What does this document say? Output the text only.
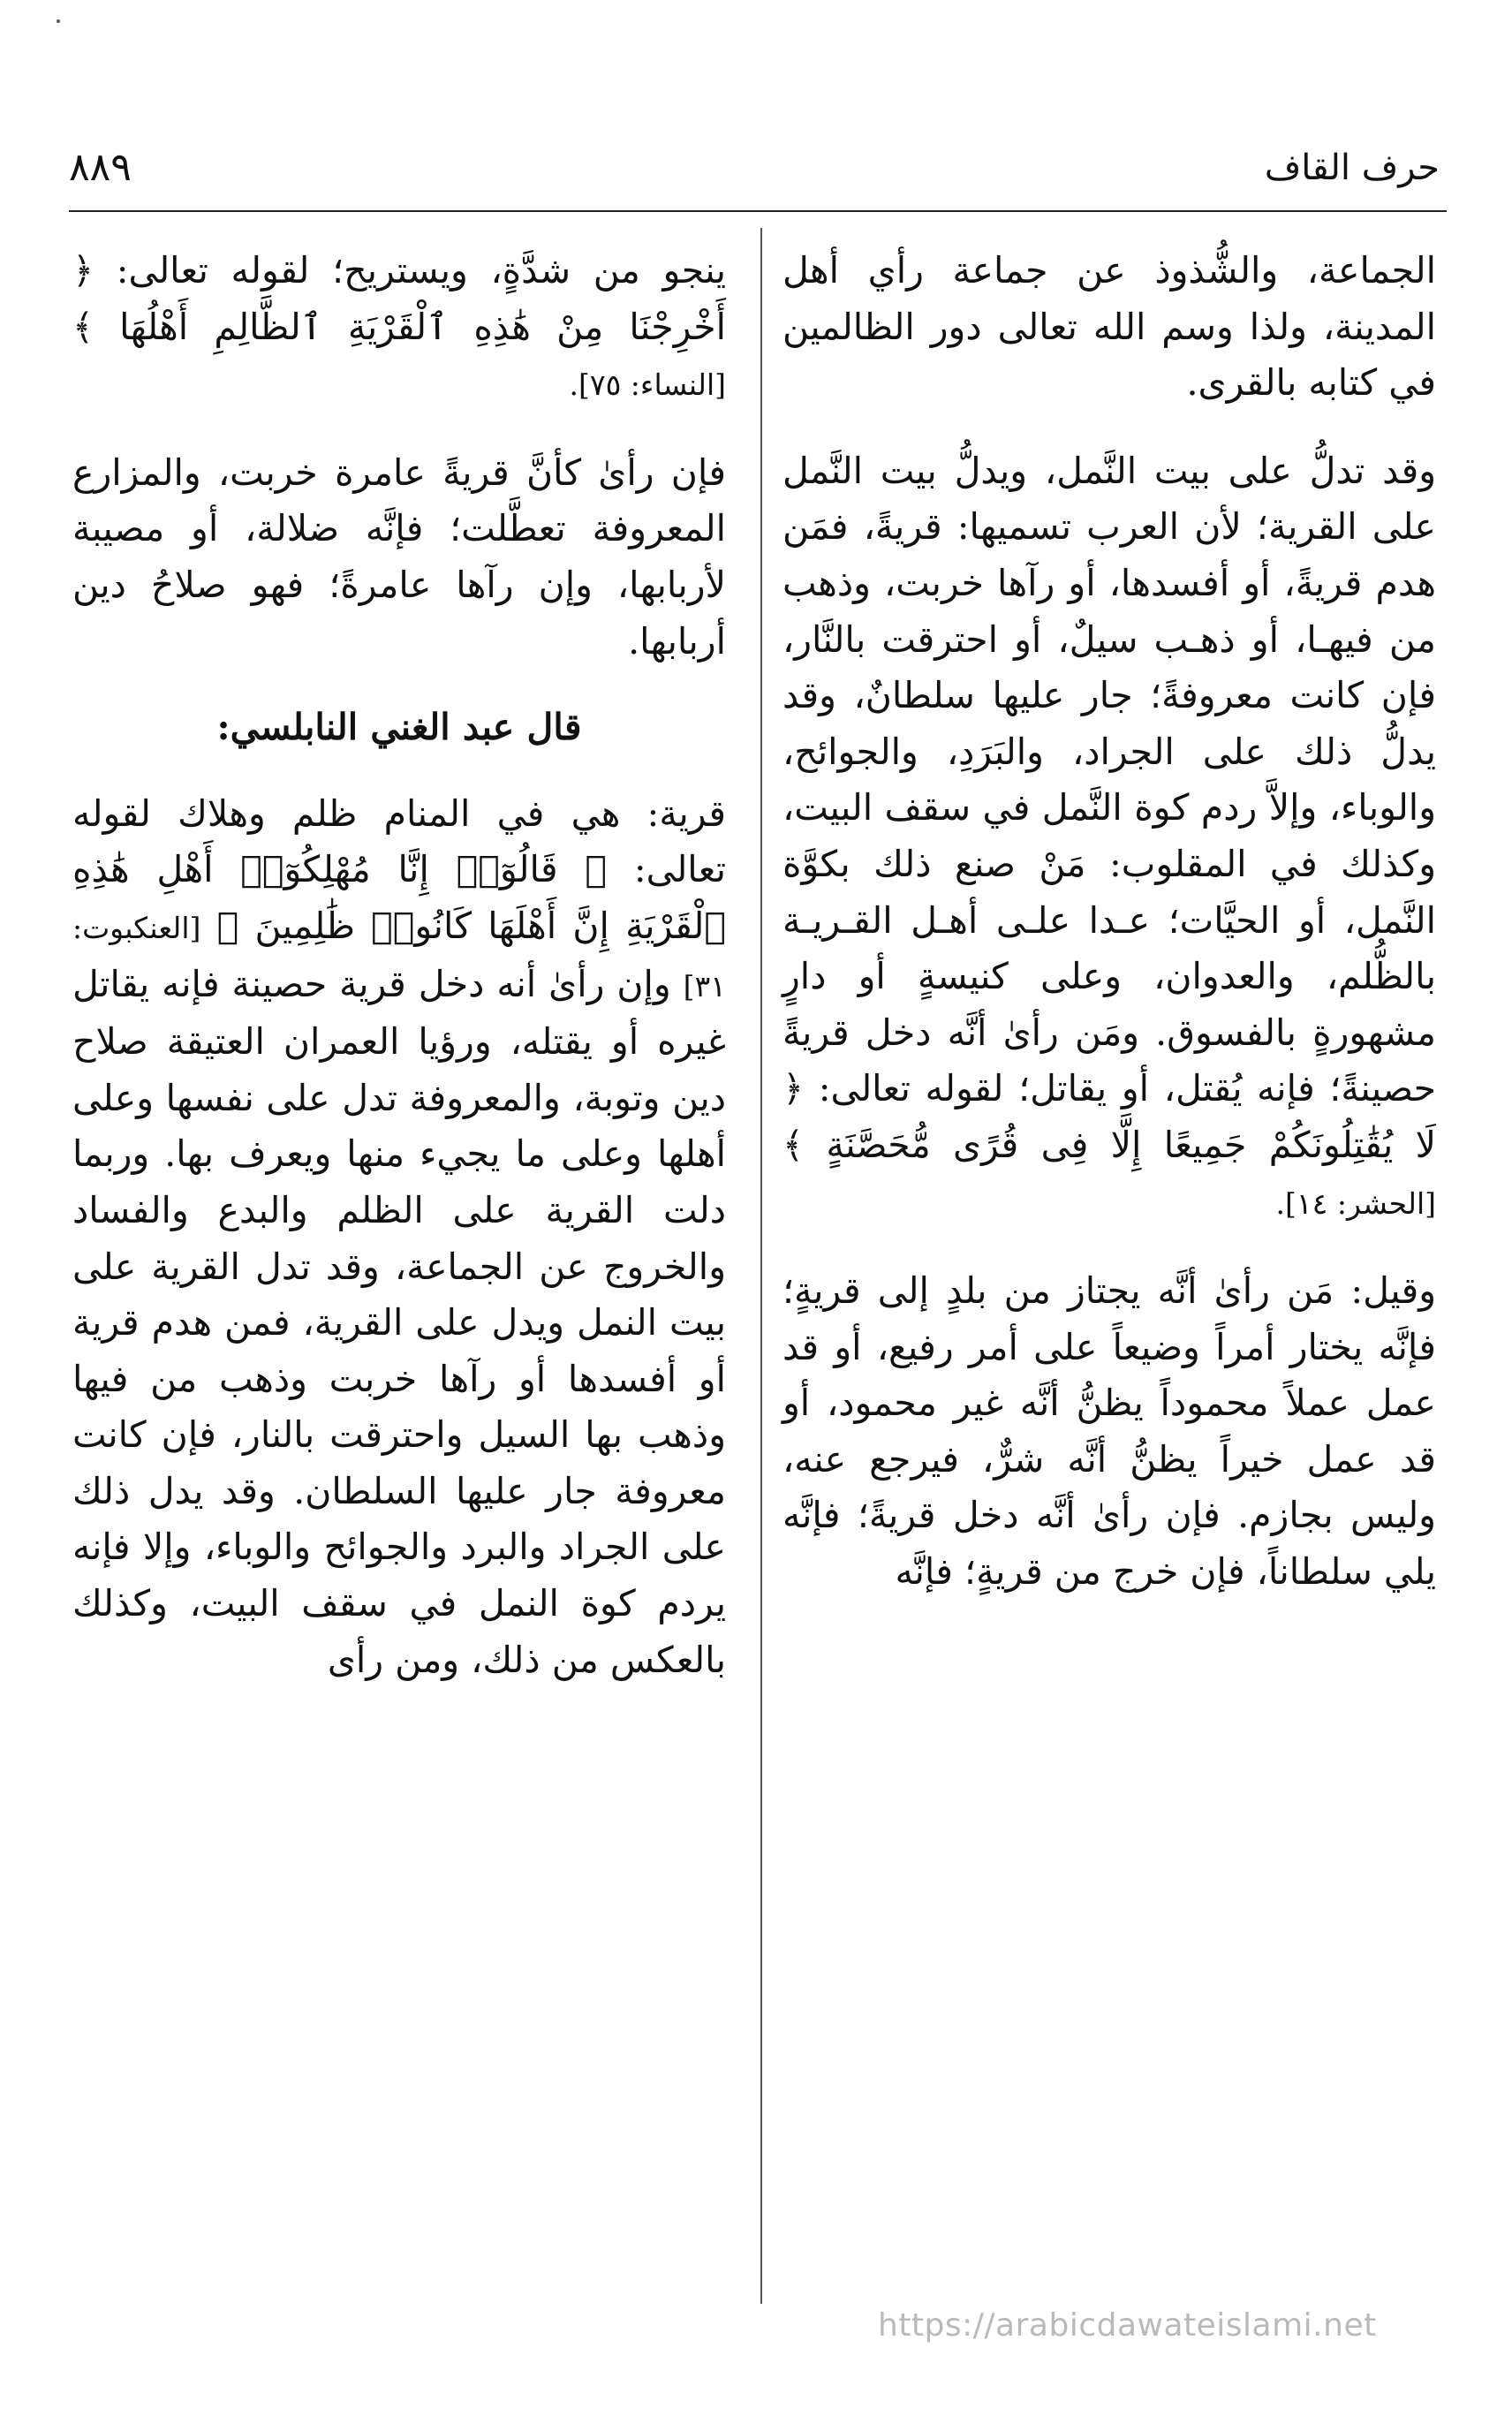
حرف القاف
٨٨٩

الجماعة، والشُّذوذ عن جماعة رأي أهل المدينة، ولذا وسم الله تعالى دور الظالمين في كتابه بالقرى.

وقد تدلُّ على بيت النَّمل، ويدلُّ بيت النَّمل على القرية؛ لأن العرب تسميها: قريةً، فمَن هدم قريةً، أو أفسدها، أو رآها خربت، وذهب من فيهـا، أو ذهـب سيلٌ، أو احترقت بالنَّار، فإن كانت معروفةً؛ جار عليها سلطانٌ، وقد يدلُّ ذلك على الجراد، والبَرَدِ، والجوائح، والوباء، وإلاَّ ردم كوة النَّمل في سقف البيت، وكذلك في المقلوب: مَنْ صنع ذلك بكوَّة النَّمل، أو الحيَّات؛ عـدا علـى أهـل القـريـة بالظُّلم، والعدوان، وعلى كنيسةٍ أو دارٍ مشهورةٍ بالفسوق. ومَن رأىٰ أنَّه دخل قريةً حصينةً؛ فإنه يُقتل، أو يقاتل؛ لقوله تعالى: ﴿ لَا يُقَٰتِلُونَكُمْ جَمِيعًا إِلَّا فِى قُرًى مُّحَصَّنَةٍ ﴾ [الحشر: ١٤].

وقيل: مَن رأىٰ أنَّه يجتاز من بلدٍ إلى قريةٍ؛ فإنَّه يختار أمراً وضيعاً على أمر رفيع، أو قد عمل عملاً محموداً يظنُّ أنَّه غير محمود، أو قد عمل خيراً يظنُّ أنَّه شرٌّ، فيرجع عنه، وليس بجازم. فإن رأىٰ أنَّه دخل قريةً؛ فإنَّه يلي سلطاناً، فإن خرج من قريةٍ؛ فإنَّه

ينجو من شدَّةٍ، ويستريح؛ لقوله تعالى: ﴿ أَخْرِجْنَا مِنْ هَٰذِهِ ٱلْقَرْيَةِ ٱلظَّالِمِ أَهْلُهَا ﴾ [النساء: ٧٥].

فإن رأىٰ كأنَّ قريةً عامرة خربت، والمزارع المعروفة تعطَّلت؛ فإنَّه ضلالة، أو مصيبة لأربابها، وإن رآها عامرةً؛ فهو صلاحُ دين أربابها.

قال عبد الغني النابلسي:

قرية: هي في المنام ظلم وهلاك لقوله تعالى: ﴿ قَالُوٓا۟ إِنَّا مُهْلِكُوٓا۟ أَهْلِ هَٰذِهِ ٱلْقَرْيَةِ إِنَّ أَهْلَهَا كَانُوا۟ ظَٰلِمِينَ ﴾ [العنكبوت: ٣١] وإن رأىٰ أنه دخل قرية حصينة فإنه يقاتل غيره أو يقتله، ورؤيا العمران العتيقة صلاح دين وتوبة، والمعروفة تدل على نفسها وعلى أهلها وعلى ما يجيء منها ويعرف بها. وربما دلت القرية على الظلم والبدع والفساد والخروج عن الجماعة، وقد تدل القرية على بيت النمل ويدل على القرية، فمن هدم قرية أو أفسدها أو رآها خربت وذهب من فيها وذهب بها السيل واحترقت بالنار، فإن كانت معروفة جار عليها السلطان. وقد يدل ذلك على الجراد والبرد والجوائح والوباء، وإلا فإنه يردم كوة النمل في سقف البيت، وكذلك بالعكس من ذلك، ومن رأى

https://arabicdawateislami.net
